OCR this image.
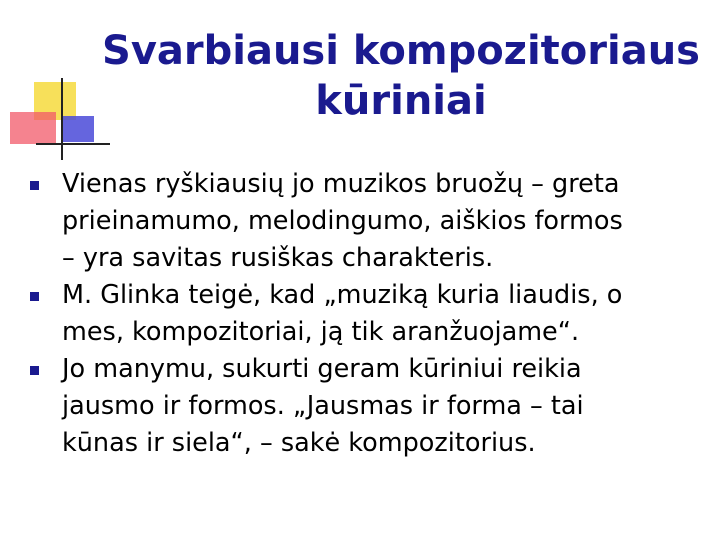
Svarbiausi kompozitoriaus
kūriniai
Vienas ryškiausių jo muzikos bruožų – greta
prieinamumo, melodingumo, aiškios formos
– yra savitas rusiškas charakteris.
M. Glinka teigė, kad „muziką kuria liaudis, o
mes, kompozitoriai, ją tik aranžuojame“.
Jo manymu, sukurti geram kūriniui reikia
jausmo ir formos. „Jausmas ir forma – tai
kūnas ir siela“, – sakė kompozitorius.
